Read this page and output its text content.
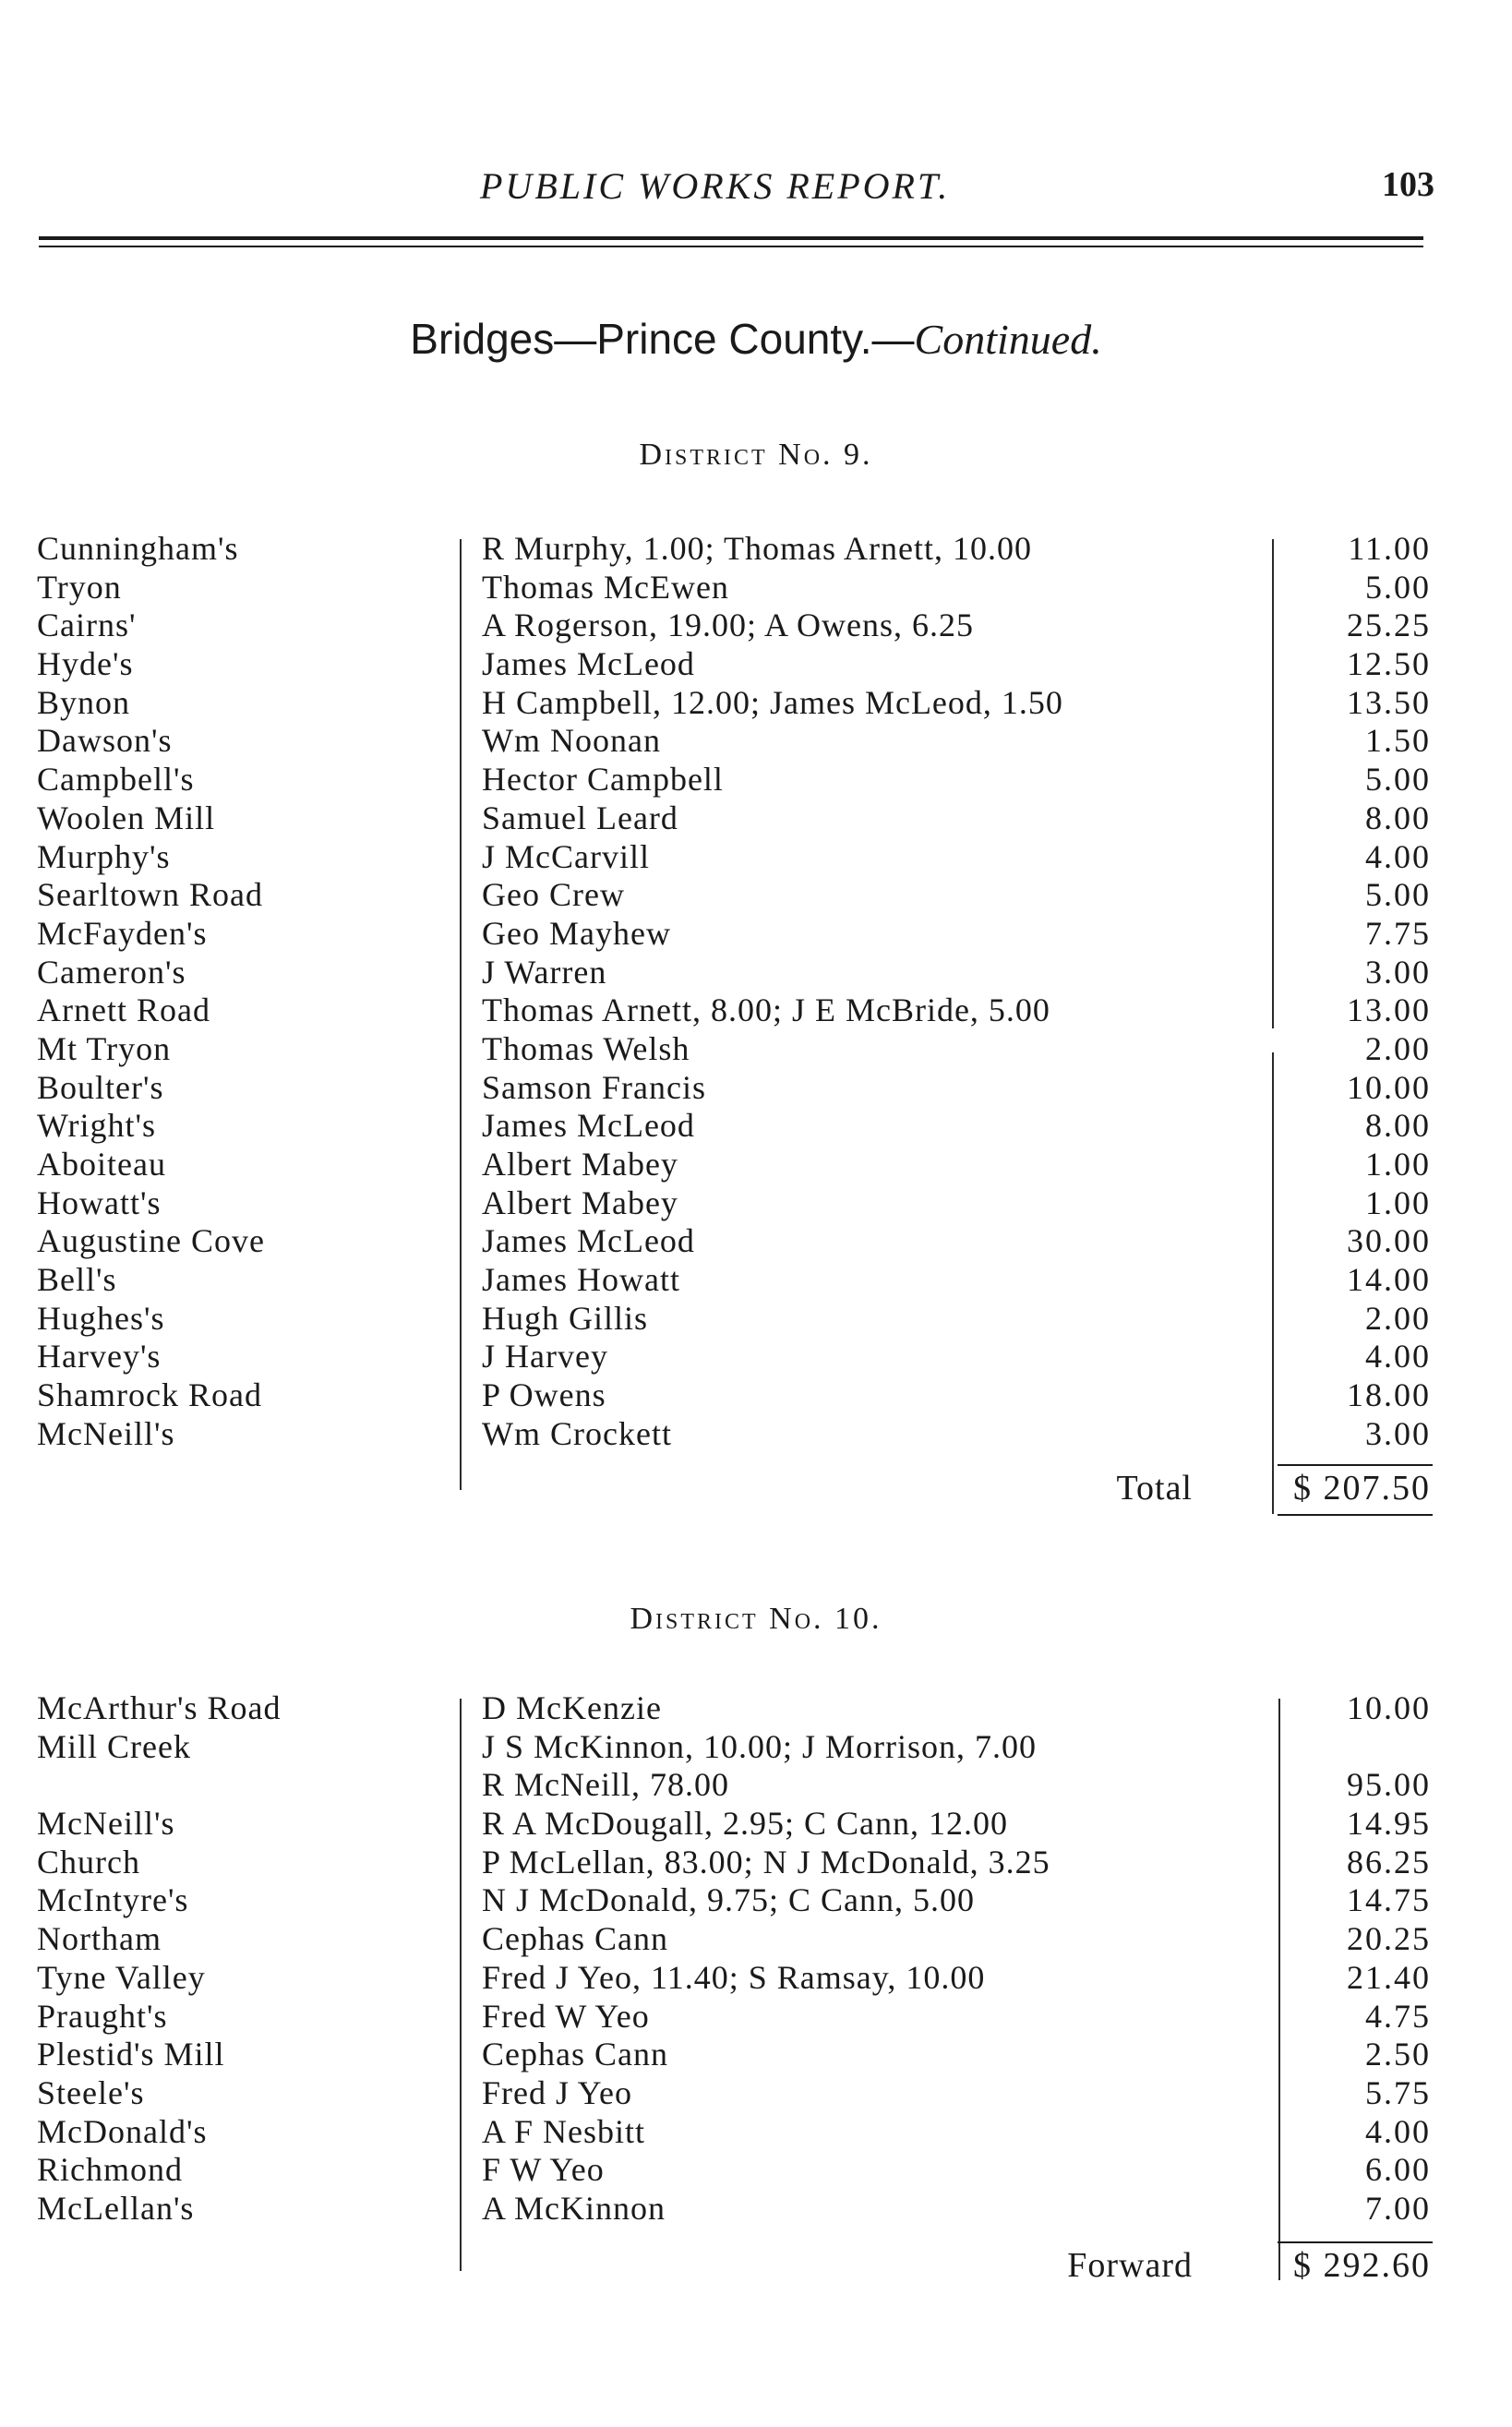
PUBLIC WORKS REPORT.	103
Bridges—Prince County.—Continued.
District No. 9.
Cunningham's	R Murphy, 1.00; Thomas Arnett, 10.00	11.00
Tryon	Thomas McEwen	5.00
Cairns'	A Rogerson, 19.00; A Owens, 6.25	25.25
Hyde's	James McLeod	12.50
Bynon	H Campbell, 12.00; James McLeod, 1.50	13.50
Dawson's	Wm Noonan	1.50
Campbell's	Hector Campbell	5.00
Woolen Mill	Samuel Leard	8.00
Murphy's	J McCarvill	4.00
Searltown Road	Geo Crew	5.00
McFayden's	Geo Mayhew	7.75
Cameron's	J Warren	3.00
Arnett Road	Thomas Arnett, 8.00; J E McBride, 5.00	13.00
Mt Tryon	Thomas Welsh	2.00
Boulter's	Samson Francis	10.00
Wright's	James McLeod	8.00
Aboiteau	Albert Mabey	1.00
Howatt's	Albert Mabey	1.00
Augustine Cove	James McLeod	30.00
Bell's	James Howatt	14.00
Hughes's	Hugh Gillis	2.00
Harvey's	J Harvey	4.00
Shamrock Road	P Owens	18.00
McNeill's	Wm Crockett	3.00
Total	$ 207.50
District No. 10.
McArthur's Road	D McKenzie	10.00
Mill Creek	J S McKinnon, 10.00; J Morrison, 7.00
R McNeill, 78.00	95.00
McNeill's	R A McDougall, 2.95; C Cann, 12.00	14.95
Church	P McLellan, 83.00; N J McDonald, 3.25	86.25
McIntyre's	N J McDonald, 9.75; C Cann, 5.00	14.75
Northam	Cephas Cann	20.25
Tyne Valley	Fred J Yeo, 11.40; S Ramsay, 10.00	21.40
Praught's	Fred W Yeo	4.75
Plestid's Mill	Cephas Cann	2.50
Steele's	Fred J Yeo	5.75
McDonald's	A F Nesbitt	4.00
Richmond	F W Yeo	6.00
McLellan's	A McKinnon	7.00
Forward	$ 292.60
